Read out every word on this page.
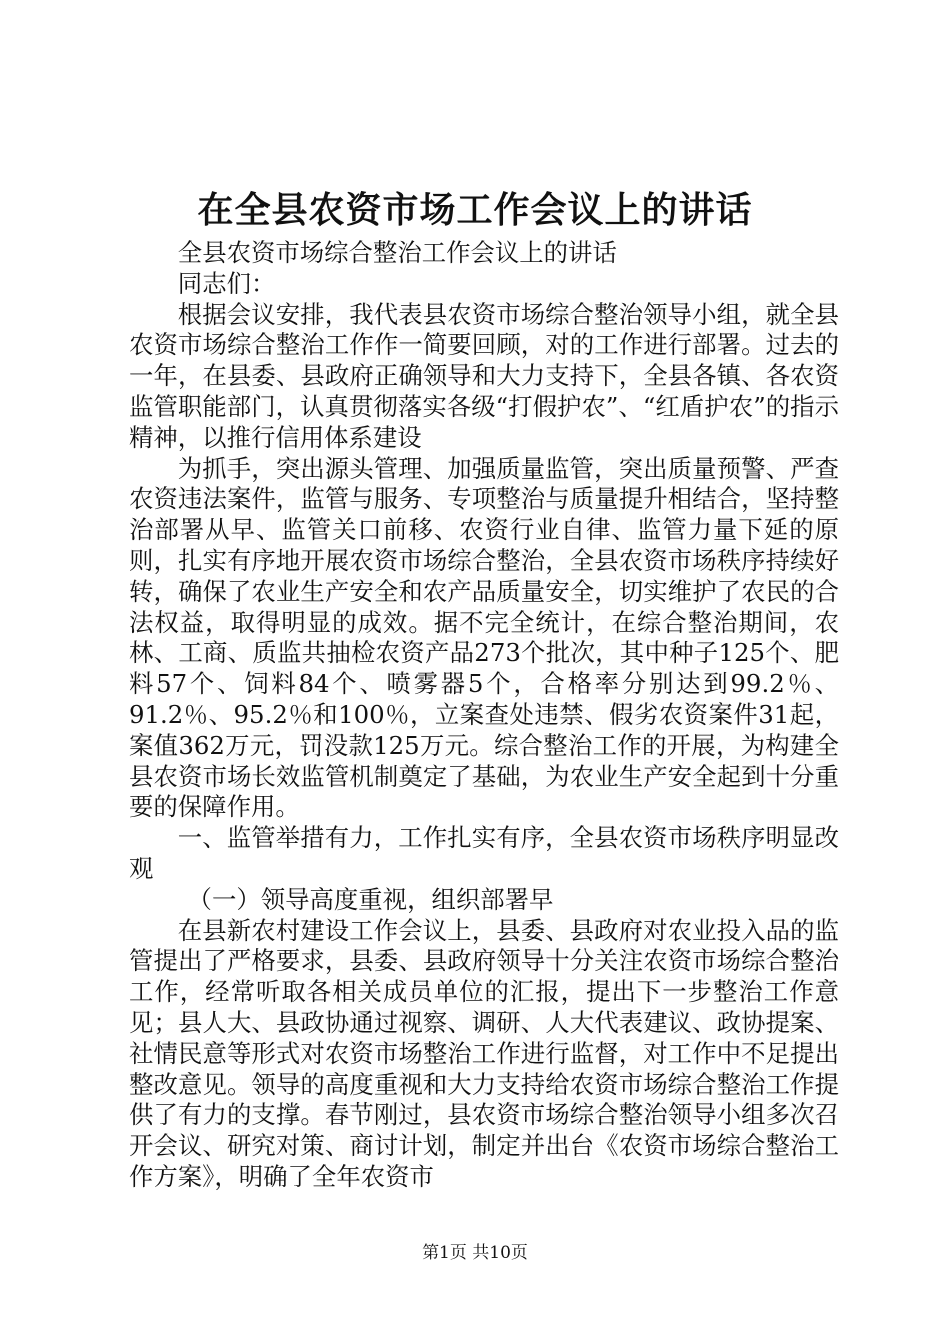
在全县农资市场工作会议上的讲话

全县农资市场综合整治工作会议上的讲话

同志们：

根据会议安排，我代表县农资市场综合整治领导小组，就全县农资市场综合整治工作作一简要回顾，对的工作进行部署。过去的一年，在县委、县政府正确领导和大力支持下，全县各镇、各农资监管职能部门，认真贯彻落实各级“打假护农”、“红盾护农”的指示精神，以推行信用体系建设

为抓手，突出源头管理、加强质量监管，突出质量预警、严查农资违法案件，监管与服务、专项整治与质量提升相结合，坚持整治部署从早、监管关口前移、农资行业自律、监管力量下延的原则，扎实有序地开展农资市场综合整治，全县农资市场秩序持续好转，确保了农业生产安全和农产品质量安全，切实维护了农民的合法权益，取得明显的成效。据不完全统计，在综合整治期间，农林、工商、质监共抽检农资产品273个批次，其中种子125个、肥料57个、饲料84个、喷雾器5个，合格率分别达到99.2％、91.2％、95.2％和100％，立案查处违禁、假劣农资案件31起，案值362万元，罚没款125万元。综合整治工作的开展，为构建全县农资市场长效监管机制奠定了基础，为农业生产安全起到十分重要的保障作用。

一、监管举措有力，工作扎实有序，全县农资市场秩序明显改观

（一）领导高度重视，组织部署早

在县新农村建设工作会议上，县委、县政府对农业投入品的监管提出了严格要求，县委、县政府领导十分关注农资市场综合整治工作，经常听取各相关成员单位的汇报，提出下一步整治工作意见；县人大、县政协通过视察、调研、人大代表建议、政协提案、社情民意等形式对农资市场整治工作进行监督，对工作中不足提出整改意见。领导的高度重视和大力支持给农资市场综合整治工作提供了有力的支撑。春节刚过，县农资市场综合整治领导小组多次召开会议、研究对策、商讨计划，制定并出台《农资市场综合整治工作方案》，明确了全年农资市

第1页 共10页
